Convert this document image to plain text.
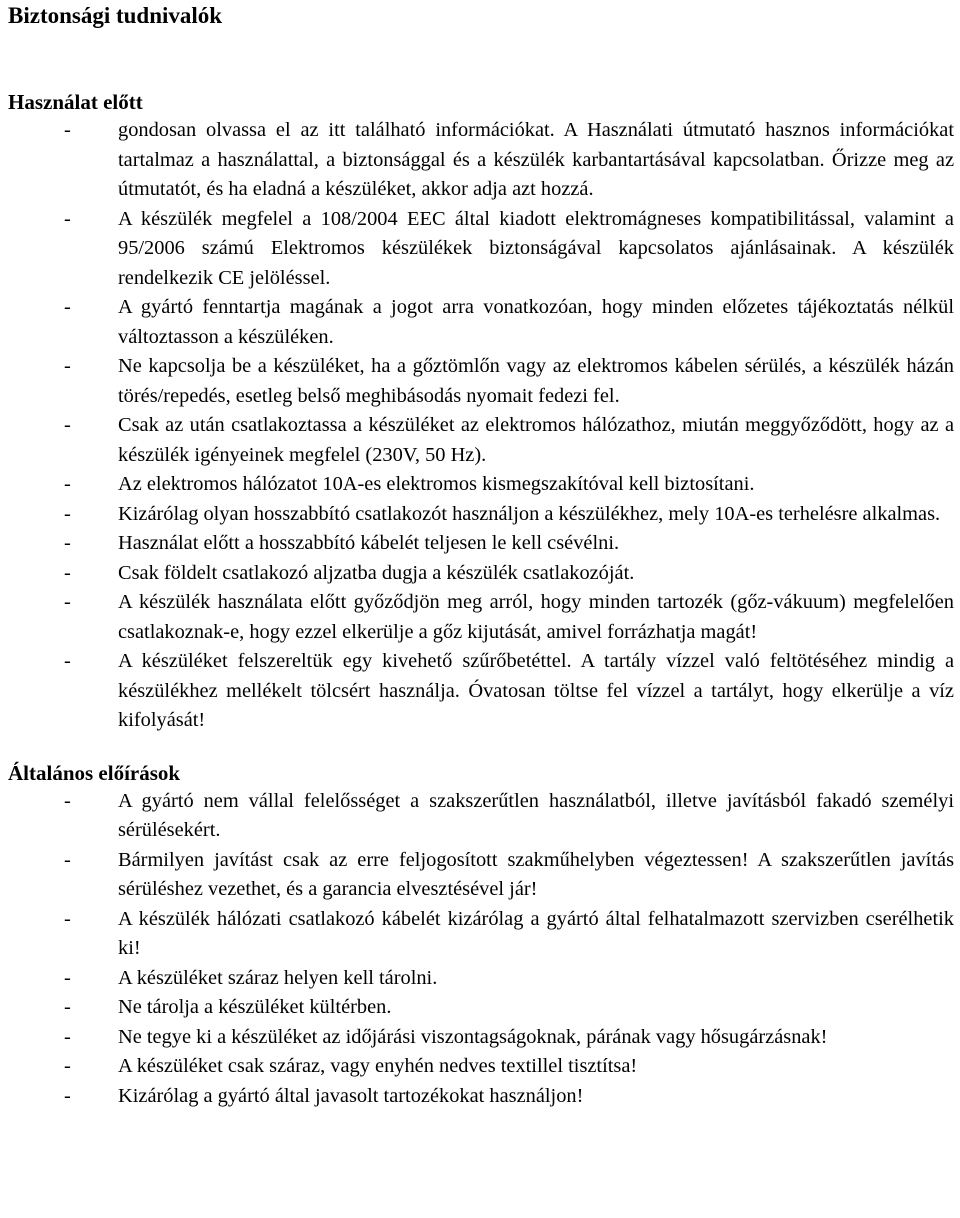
Biztonsági tudnivalók
Használat előtt
- gondosan olvassa el az itt található információkat. A Használati útmutató hasznos információkat tartalmaz a használattal, a biztonsággal és a készülék karbantartásával kapcsolatban. Őrizze meg az útmutatót, és ha eladná a készüléket, akkor adja azt hozzá.
- A készülék megfelel a 108/2004 EEC által kiadott elektromágneses kompatibilitással, valamint a 95/2006 számú Elektromos készülékek biztonságával kapcsolatos ajánlásainak. A készülék rendelkezik CE jelöléssel.
- A gyártó fenntartja magának a jogot arra vonatkozóan, hogy minden előzetes tájékoztatás nélkül változtasson a készüléken.
- Ne kapcsolja be a készüléket, ha a gőztömlőn vagy az elektromos kábelen sérülés, a készülék házán törés/repedés, esetleg belső meghibásodás nyomait fedezi fel.
- Csak az után csatlakoztassa a készüléket az elektromos hálózathoz, miután meggyőződött, hogy az a készülék igényeinek megfelel (230V, 50 Hz).
- Az elektromos hálózatot 10A-es elektromos kismegszakítóval kell biztosítani.
- Kizárólag olyan hosszabbító csatlakozót használjon a készülékhez, mely 10A-es terhelésre alkalmas.
- Használat előtt a hosszabbító kábelét teljesen le kell csévélni.
- Csak földelt csatlakozó aljzatba dugja a készülék csatlakozóját.
- A készülék használata előtt győződjön meg arról, hogy minden tartozék (gőz-vákuum) megfelelően csatlakoznak-e, hogy ezzel elkerülje a gőz kijutását, amivel forrázhatja magát!
- A készüléket felszereltük egy kivehető szűrőbetéttel. A tartály vízzel való feltötéséhez mindig a készülékhez mellékelt tölcsért használja. Óvatosan töltse fel vízzel a tartályt, hogy elkerülje a víz kifolyását!
Általános előírások
- A gyártó nem vállal felelősséget a szakszerűtlen használatból, illetve javításból fakadó személyi sérülésekért.
- Bármilyen javítást csak az erre feljogosított szakműhelyben végeztessen! A szakszerűtlen javítás sérüléshez vezethet, és a garancia elvesztésével jár!
- A készülék hálózati csatlakozó kábelét kizárólag a gyártó által felhatalmazott szervizben cserélhetik ki!
- A készüléket száraz helyen kell tárolni.
- Ne tárolja a készüléket kültérben.
- Ne tegye ki a készüléket az időjárási viszontagságoknak, párának vagy hősugárzásnak!
- A készüléket csak száraz, vagy enyhén nedves textillel tisztítsa!
- Kizárólag a gyártó által javasolt tartozékokat használjon!
